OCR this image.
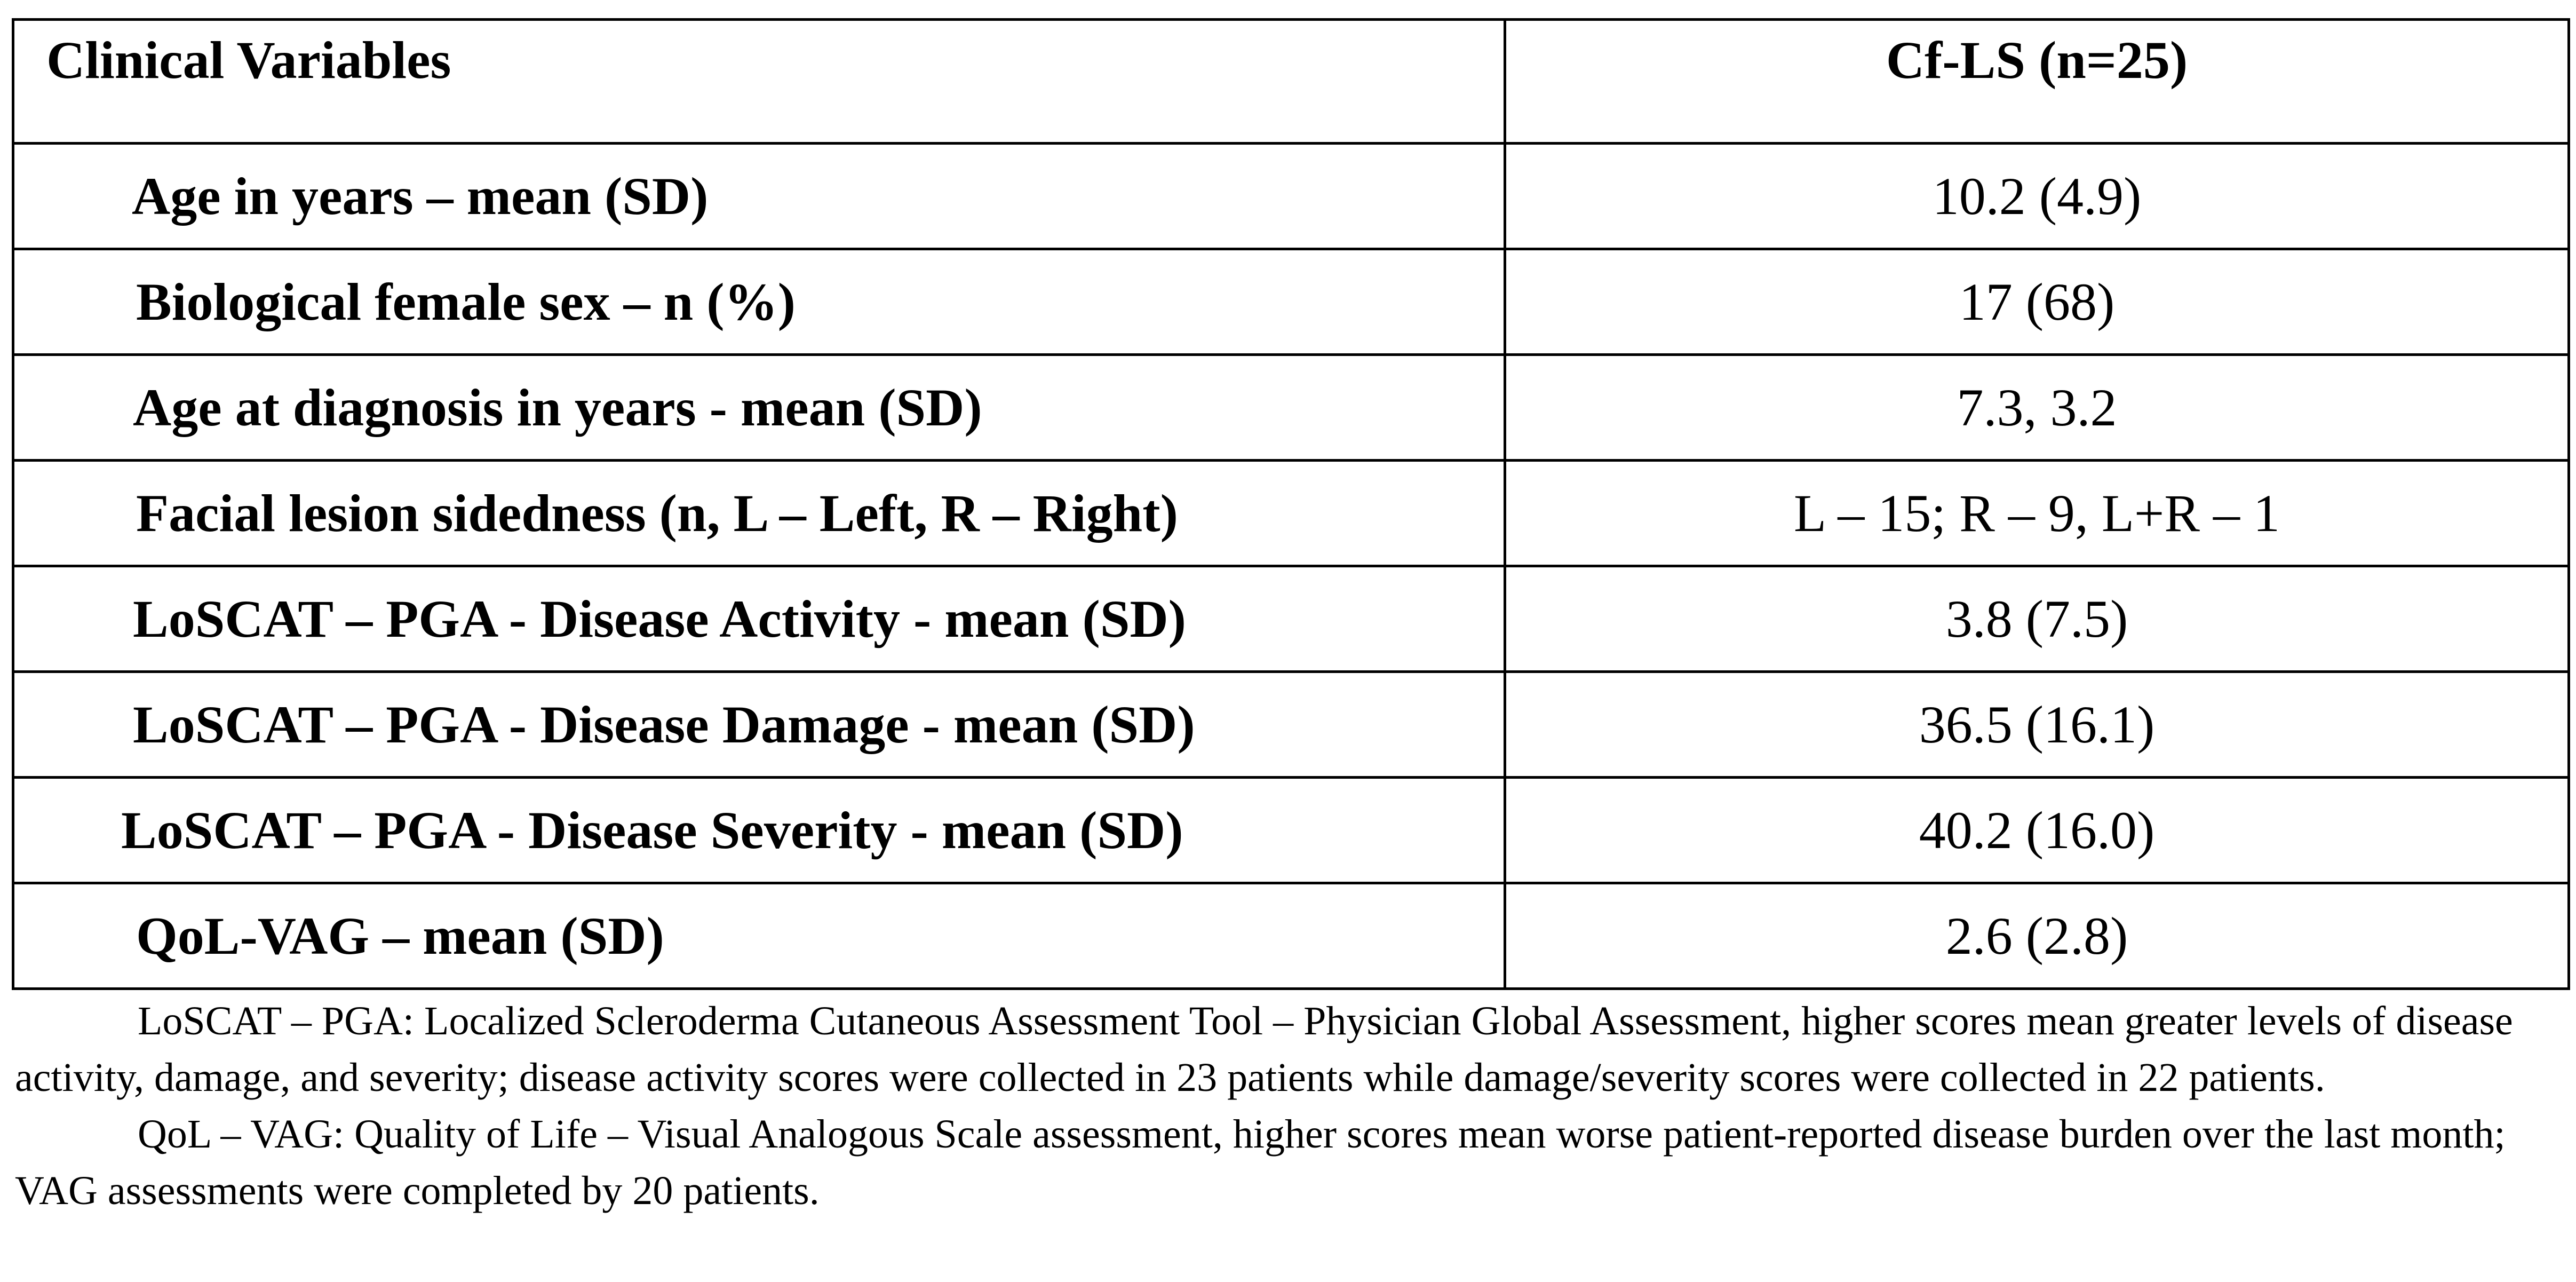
Clinical Variables	Cf-LS (n=25)
Age in years – mean (SD)	10.2 (4.9)
Biological female sex – n (%)	17 (68)
Age at diagnosis in years - mean (SD)	7.3, 3.2
Facial lesion sidedness (n, L – Left, R – Right)	L – 15; R – 9, L+R – 1
LoSCAT – PGA - Disease Activity - mean (SD)	3.8 (7.5)
LoSCAT – PGA - Disease Damage - mean (SD)	36.5 (16.1)
LoSCAT – PGA - Disease Severity - mean (SD)	40.2 (16.0)
QoL-VAG – mean (SD)	2.6 (2.8)

LoSCAT – PGA: Localized Scleroderma Cutaneous Assessment Tool – Physician Global Assessment, higher scores mean greater levels of disease activity, damage, and severity; disease activity scores were collected in 23 patients while damage/severity scores were collected in 22 patients.

QoL – VAG: Quality of Life – Visual Analogous Scale assessment, higher scores mean worse patient-reported disease burden over the last month; VAG assessments were completed by 20 patients.
